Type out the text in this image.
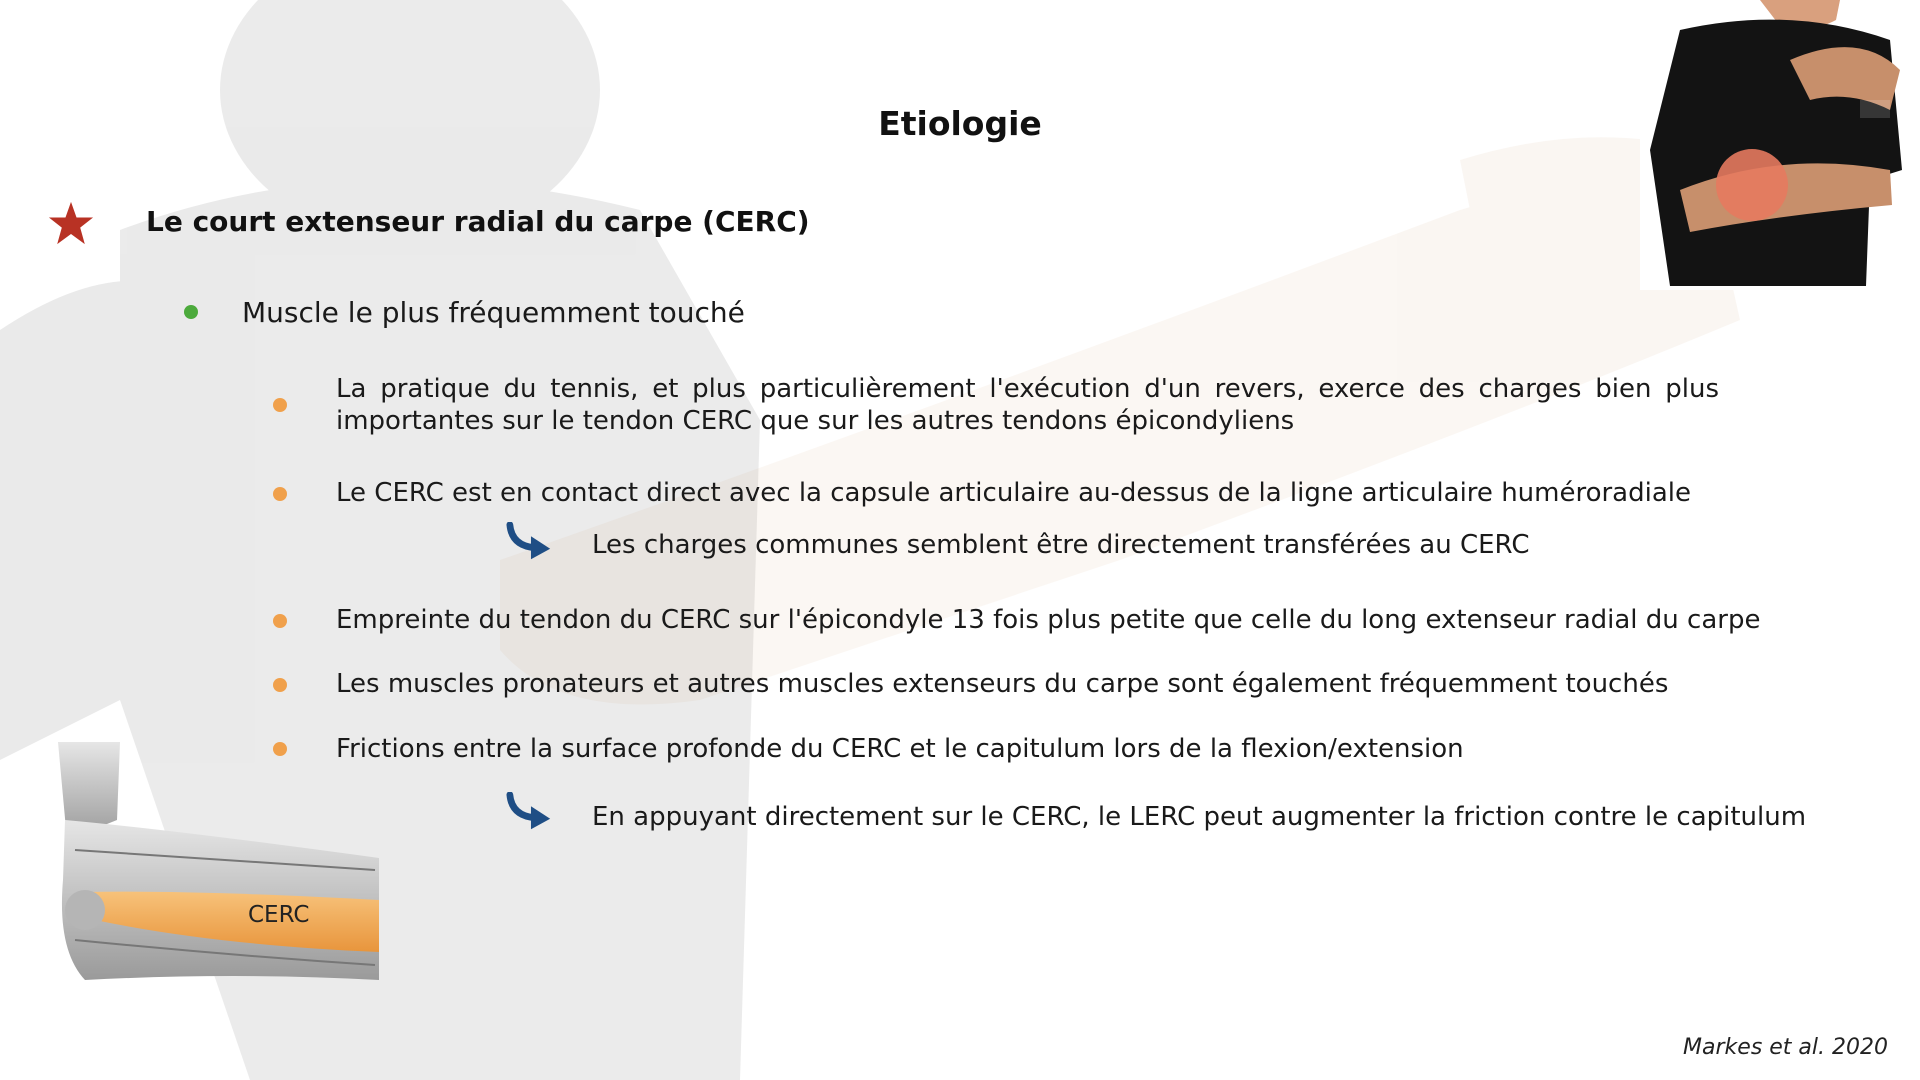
Etiologie
Le court extenseur radial du carpe (CERC)
Muscle le plus fréquemment touché
La pratique du tennis, et plus particulièrement l'exécution d'un revers, exerce des charges bien plus importantes sur le tendon CERC que sur les autres tendons épicondyliens
Le CERC est en contact direct avec la capsule articulaire au-dessus de la ligne articulaire huméroradiale
Les charges communes semblent être directement transférées au CERC
Empreinte du tendon du CERC sur l'épicondyle 13 fois plus petite que celle du long extenseur radial du carpe
Les muscles pronateurs et autres muscles extenseurs du carpe sont également fréquemment touchés
Frictions entre la surface profonde du CERC et le capitulum lors de la flexion/extension
En appuyant directement sur le CERC, le LERC peut augmenter la friction contre le capitulum
CERC
Markes et al. 2020
